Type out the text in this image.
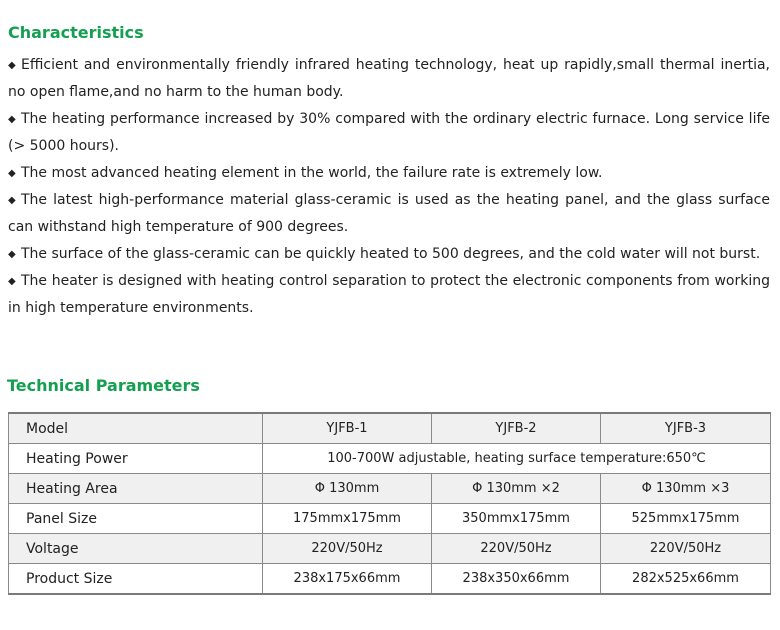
Characteristics

◆ Efficient and environmentally friendly infrared heating technology, heat up rapidly,small thermal inertia, no open flame,and no harm to the human body.

◆ The heating performance increased by 30% compared with the ordinary electric furnace. Long service life (> 5000 hours).

◆ The most advanced heating element in the world, the failure rate is extremely low.

◆ The latest high-performance material glass-ceramic is used as the heating panel, and the glass surface can withstand high temperature of 900 degrees.

◆ The surface of the glass-ceramic can be quickly heated to 500 degrees, and the cold water will not burst.

◆ The heater is designed with heating control separation to protect the electronic components from working in high temperature environments.

Technical Parameters
Model	YJFB-1	YJFB-2	YJFB-3
Heating Power	100-700W adjustable, heating surface temperature:650℃		
Heating Area	Φ 130mm	Φ 130mm ×2	Φ 130mm ×3
Panel Size	175mmx175mm	350mmx175mm	525mmx175mm
Voltage	220V/50Hz	220V/50Hz	220V/50Hz
Product Size	238x175x66mm	238x350x66mm	282x525x66mm
